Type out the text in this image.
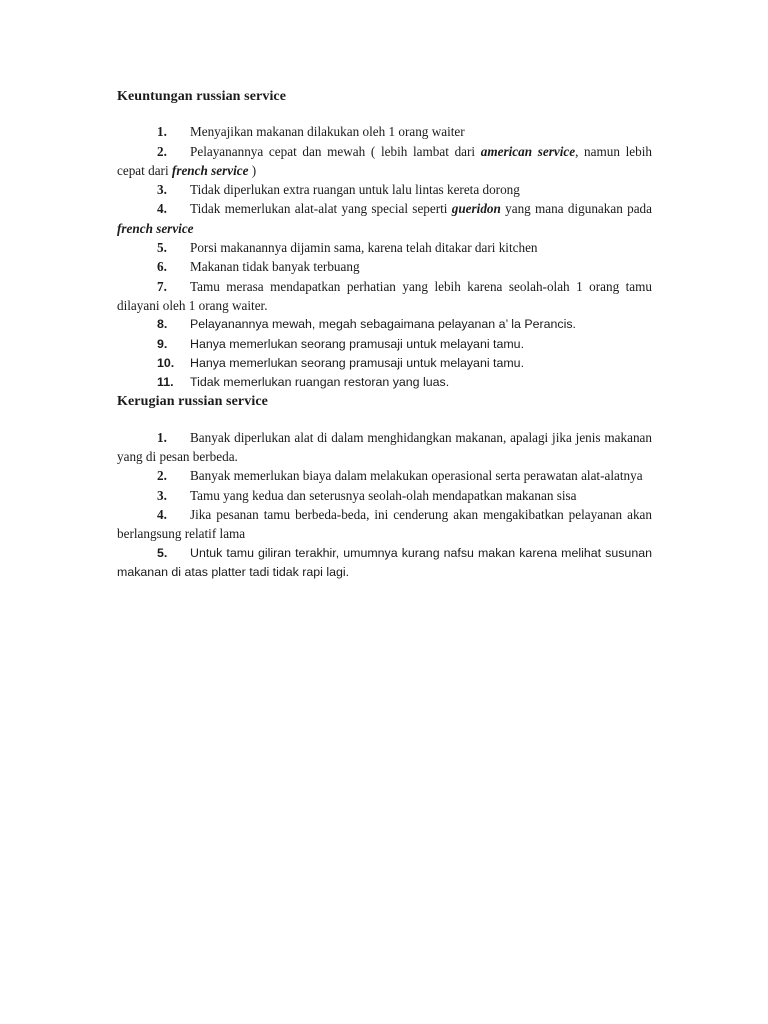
Keuntungan russian service

1. Menyajikan makanan dilakukan oleh 1 orang waiter

2. Pelayanannya cepat dan mewah ( lebih lambat dari american service, namun lebih cepat dari french service )

3. Tidak diperlukan extra ruangan untuk lalu lintas kereta dorong

4. Tidak memerlukan alat-alat yang special seperti gueridon yang mana digunakan pada french service

5. Porsi makanannya dijamin sama, karena telah ditakar dari kitchen

6. Makanan tidak banyak terbuang

7. Tamu merasa mendapatkan perhatian yang lebih karena seolah-olah 1 orang tamu dilayani oleh 1 orang waiter.

8. Pelayanannya mewah, megah sebagaimana pelayanan a’ la Perancis.

9. Hanya memerlukan seorang pramusaji untuk melayani tamu.

10. Hanya memerlukan seorang pramusaji untuk melayani tamu.

11. Tidak memerlukan ruangan restoran yang luas.

Kerugian russian service

1. Banyak diperlukan alat di dalam menghidangkan makanan, apalagi jika jenis makanan yang di pesan berbeda.

2. Banyak memerlukan biaya dalam melakukan operasional serta perawatan alat-alatnya

3. Tamu yang kedua dan seterusnya seolah-olah mendapatkan makanan sisa

4. Jika pesanan tamu berbeda-beda, ini cenderung akan mengakibatkan pelayanan akan berlangsung relatif lama

5. Untuk tamu giliran terakhir, umumnya kurang nafsu makan karena melihat susunan makanan di atas platter tadi tidak rapi lagi.
